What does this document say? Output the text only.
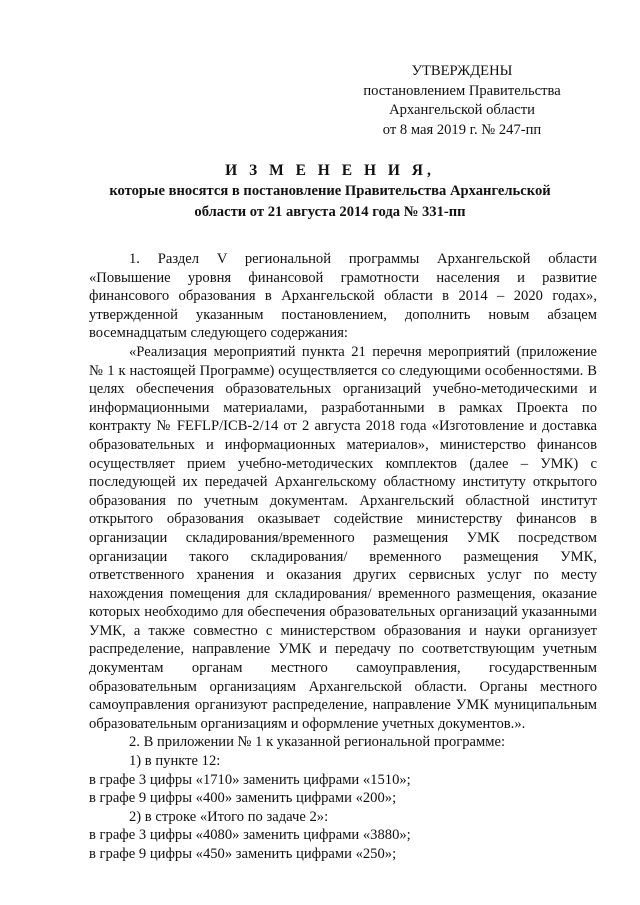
УТВЕРЖДЕНЫ
постановлением Правительства
Архангельской области
от 8 мая 2019 г. № 247-пп
И З М Е Н Е Н И Я,
которые вносятся в постановление Правительства Архангельской
области от 21 августа 2014 года № 331-пп

1. Раздел V региональной программы Архангельской области «Повышение уровня финансовой грамотности населения и развитие финансового образования в Архангельской области в 2014 – 2020 годах», утвержденной указанным постановлением, дополнить новым абзацем восемнадцатым следующего содержания:

«Реализация мероприятий пункта 21 перечня мероприятий (приложение № 1 к настоящей Программе) осуществляется со следующими особенностями. В целях обеспечения образовательных организаций учебно-методическими и информационными материалами, разработанными в рамках Проекта по контракту № FEFLP/ICB-2/14 от 2 августа 2018 года «Изготовление и доставка образовательных и информационных материалов», министерство финансов осуществляет прием учебно-методических комплектов (далее – УМК) с последующей их передачей Архангельскому областному институту открытого образования по учетным документам. Архангельский областной институт открытого образования оказывает содействие министерству финансов в организации складирования/временного размещения УМК посредством организации такого складирования/ временного размещения УМК, ответственного хранения и оказания других сервисных услуг по месту нахождения помещения для складирования/ временного размещения, оказание которых необходимо для обеспечения образовательных организаций указанными УМК, а также совместно с министерством образования и науки организует распределение, направление УМК и передачу по соответствующим учетным документам органам местного самоуправления, государственным образовательным организациям Архангельской области. Органы местного самоуправления организуют распределение, направление УМК муниципальным образовательным организациям и оформление учетных документов.».

2. В приложении № 1 к указанной региональной программе:

1) в пункте 12:

в графе 3 цифры «1710» заменить цифрами «1510»;

в графе 9 цифры «400» заменить цифрами «200»;

2) в строке «Итого по задаче 2»:

в графе 3 цифры «4080» заменить цифрами «3880»;

в графе 9 цифры «450» заменить цифрами «250»;
